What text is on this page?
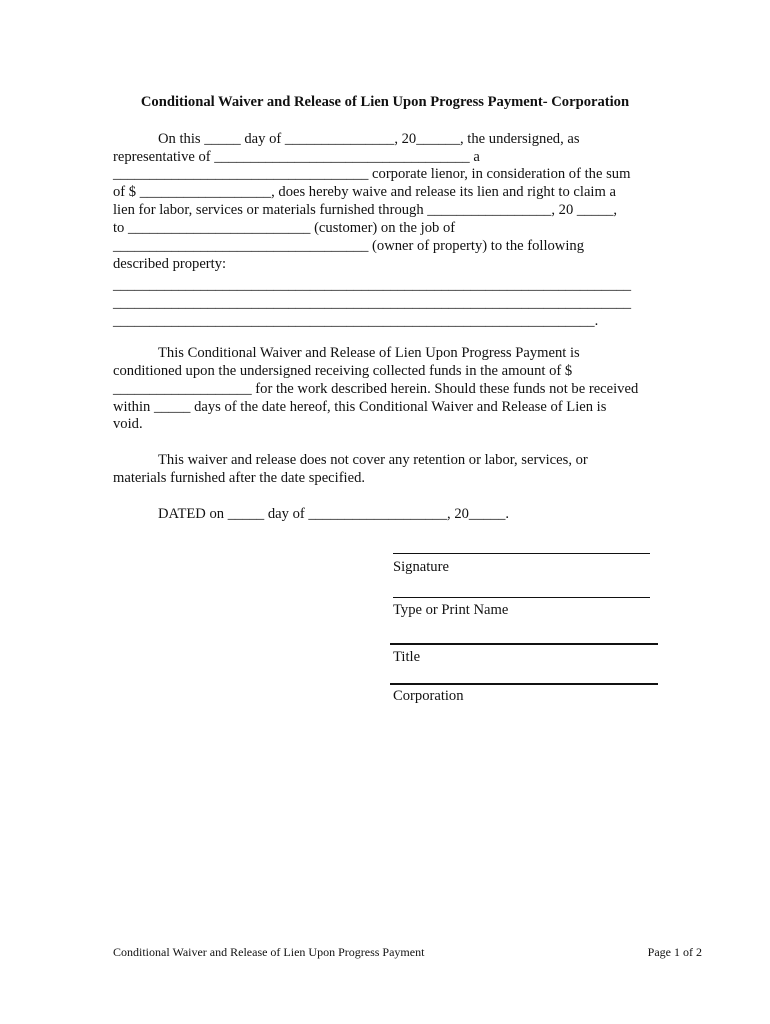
Conditional Waiver and Release of Lien Upon Progress Payment- Corporation
On this _____ day of _______________, 20______, the undersigned, as
representative of ___________________________________ a
___________________________________ corporate lienor, in consideration of the sum
of $ __________________, does hereby waive and release its lien and right to claim a
lien for labor, services or materials furnished through _________________, 20 _____,
to _________________________ (customer) on the job of
___________________________________ (owner of property) to the following
described property:
_______________________________________________________________________
_______________________________________________________________________
__________________________________________________________________.
This Conditional Waiver and Release of Lien Upon Progress Payment is
conditioned upon the undersigned receiving collected funds in the amount of $
___________________ for the work described herein. Should these funds not be received
within _____ days of the date hereof, this Conditional Waiver and Release of Lien is
void.
This waiver and release does not cover any retention or labor, services, or
materials furnished after the date specified.
DATED on _____ day of ___________________, 20_____.
Signature
Type or Print Name
Title
Corporation
Conditional Waiver and Release of Lien Upon Progress Payment	Page 1 of 2
